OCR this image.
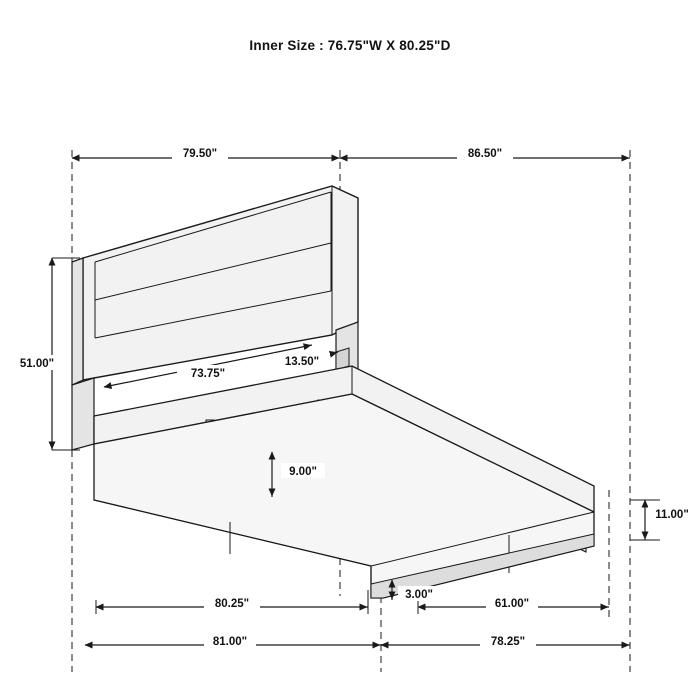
Inner Size : 76.75"W X 80.25"D
79.50"	86.50"
51.00"
73.75"
13.50"
9.00"
11.00"
3.00"
80.25"	61.00"
81.00"	78.25"
